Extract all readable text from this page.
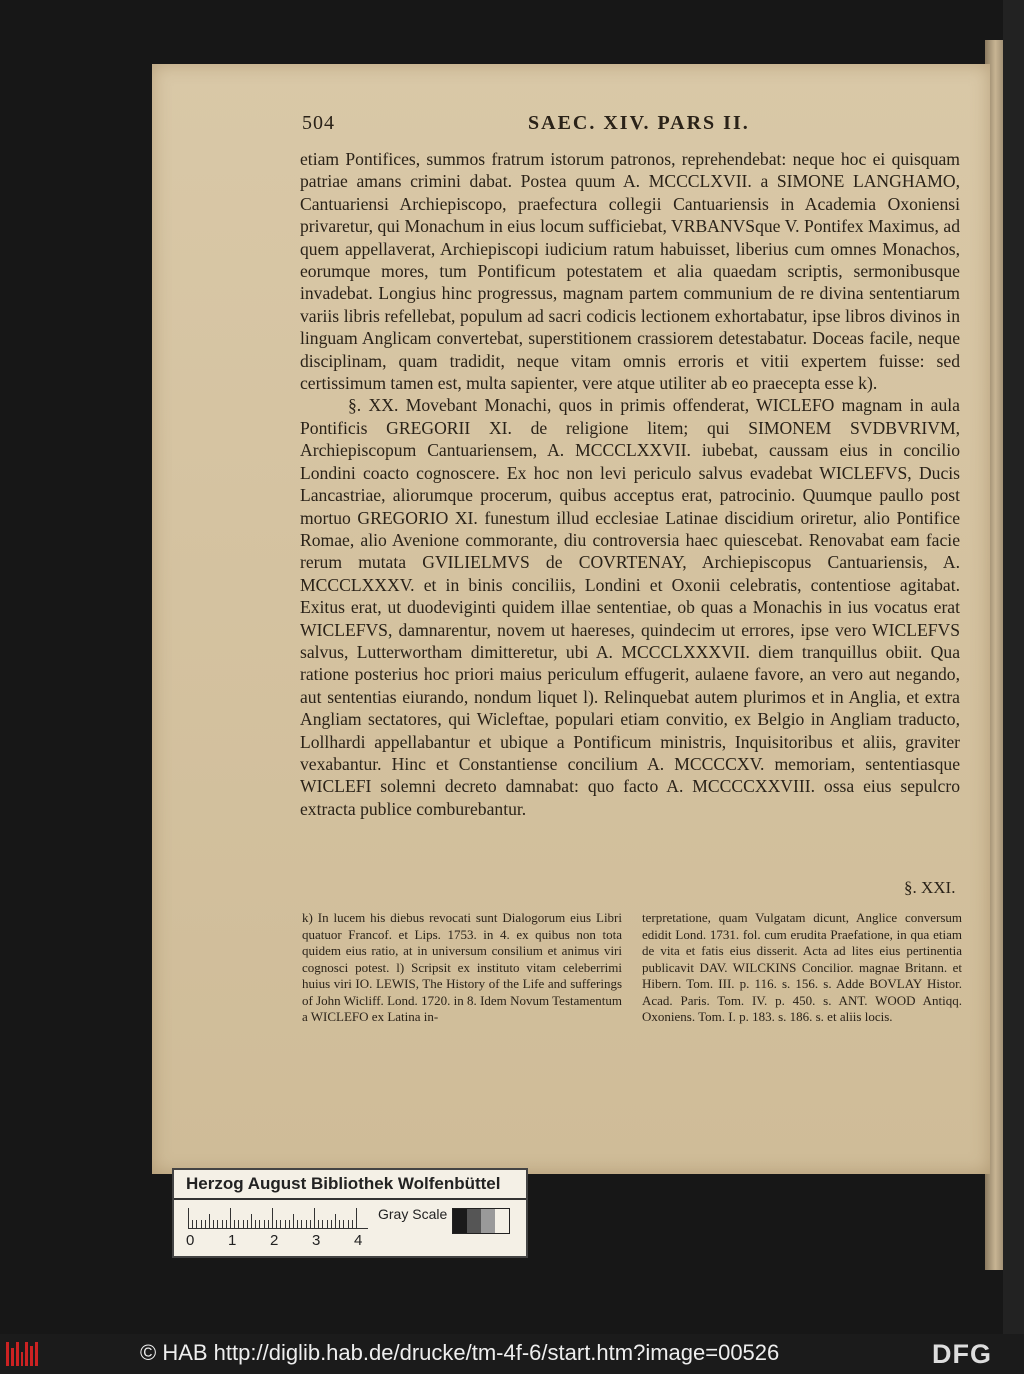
504	SAEC. XIV. PARS II.

etiam Pontifices, summos fratrum istorum patronos, reprehendebat: neque hoc ei quisquam patriae amans crimini dabat. Postea quum A. MCCCLXVII. a SIMONE LANGHAMO, Cantuariensi Archiepiscopo, praefectura collegii Cantuariensis in Academia Oxoniensi privaretur, qui Monachum in eius locum sufficiebat, VRBANVSque V. Pontifex Maximus, ad quem appellaverat, Archiepiscopi iudicium ratum habuisset, liberius cum omnes Monachos, eorumque mores, tum Pontificum potestatem et alia quaedam scriptis, sermonibusque invadebat. Longius hinc progressus, magnam partem communium de re divina sententiarum variis libris refellebat, populum ad sacri codicis lectionem exhortabatur, ipse libros divinos in linguam Anglicam convertebat, superstitionem crassiorem detestabatur. Doceas facile, neque disciplinam, quam tradidit, neque vitam omnis erroris et vitii expertem fuisse: sed certissimum tamen est, multa sapienter, vere atque utiliter ab eo praecepta esse k).

§. XX. Movebant Monachi, quos in primis offenderat, WICLEFO magnam in aula Pontificis GREGORII XI. de religione litem; qui SIMONEM SVDBVRIVM, Archiepiscopum Cantuariensem, A. MCCCLXXVII. iubebat, caussam eius in concilio Londini coacto cognoscere. Ex hoc non levi periculo salvus evadebat WICLEFVS, Ducis Lancastriae, aliorumque procerum, quibus acceptus erat, patrocinio. Quumque paullo post mortuo GREGORIO XI. funestum illud ecclesiae Latinae discidium oriretur, alio Pontifice Romae, alio Avenione commorante, diu controversia haec quiescebat. Renovabat eam facie rerum mutata GVILIELMVS de COVRTENAY, Archiepiscopus Cantuariensis, A. MCCCLXXXV. et in binis conciliis, Londini et Oxonii celebratis, contentiose agitabat. Exitus erat, ut duodeviginti quidem illae sententiae, ob quas a Monachis in ius vocatus erat WICLEFVS, damnarentur, novem ut haereses, quindecim ut errores, ipse vero WICLEFVS salvus, Lutterwortham dimitteretur, ubi A. MCCCLXXXVII. diem tranquillus obiit. Qua ratione posterius hoc priori maius periculum effugerit, aulaene favore, an vero aut negando, aut sententias eiurando, nondum liquet l). Relinquebat autem plurimos et in Anglia, et extra Angliam sectatores, qui Wicleftae, populari etiam convitio, ex Belgio in Angliam traducto, Lollhardi appellabantur et ubique a Pontificum ministris, Inquisitoribus et aliis, graviter vexabantur. Hinc et Constantiense concilium A. MCCCCXV. memoriam, sententiasque WICLEFI solemni decreto damnabat: quo facto A. MCCCCXXVIII. ossa eius sepulcro extracta publice comburebantur.

§. XXI.

k) In lucem his diebus revocati sunt Dialogorum eius Libri quatuor Francof. et Lips. 1753. in 4. ex quibus non tota quidem eius ratio, at in universum consilium et animus viri cognosci potest. l) Scripsit ex instituto vitam celeberrimi huius viri IO. LEWIS, The History of the Life and sufferings of John Wicliff. Lond. 1720. in 8. Idem Novum Testamentum a WICLEFO ex Latina in-

terpretatione, quam Vulgatam dicunt, Anglice conversum edidit Lond. 1731. fol. cum erudita Praefatione, in qua etiam de vita et fatis eius disserit. Acta ad lites eius pertinentia publicavit DAV. WILCKINS Concilior. magnae Britann. et Hibern. Tom. III. p. 116. s. 156. s. Adde BOVLAY Histor. Acad. Paris. Tom. IV. p. 450. s. ANT. WOOD Antiqq. Oxoniens. Tom. I. p. 183. s. 186. s. et aliis locis.

Herzog August Bibliothek Wolfenbüttel
0 1 2 3 4
Gray Scale
© HAB http://diglib.hab.de/drucke/tm-4f-6/start.htm?image=00526	DFG
